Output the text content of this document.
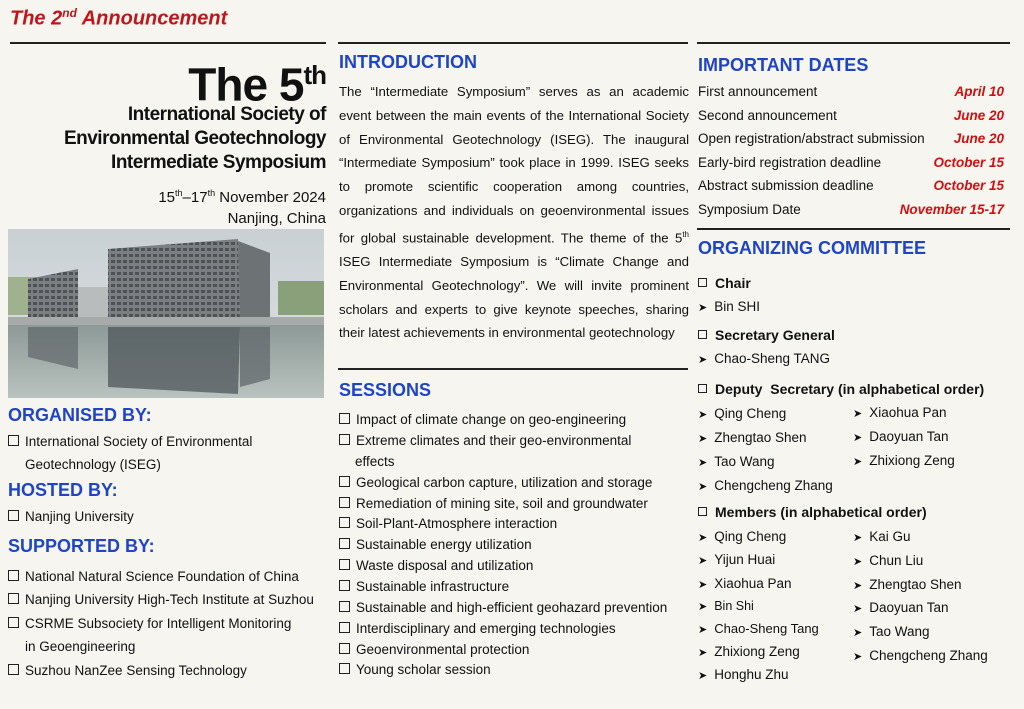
The 2nd Announcement
The 5th
International Society of
Environmental Geotechnology
Intermediate Symposium
15th–17th November 2024
Nanjing, China
ORGANISED BY:
International Society of Environmental
Geotechnology (ISEG)
HOSTED BY:
Nanjing University
SUPPORTED BY:
National Natural Science Foundation of China
Nanjing University High-Tech Institute at Suzhou
CSRME Subsociety for Intelligent Monitoring
in Geoengineering
Suzhou NanZee Sensing Technology
INTRODUCTION
The “Intermediate Symposium” serves as an academic event between the main events of the International Society of Environmental Geotechnology (ISEG). The inaugural “Intermediate Symposium” took place in 1999. ISEG seeks to promote scientific cooperation among countries, organizations and individuals on geoenvironmental issues for global sustainable development. The theme of the 5th ISEG Intermediate Symposium is “Climate Change and Environmental Geotechnology”. We will invite prominent scholars and experts to give keynote speeches, sharing their latest achievements in environmental geotechnology
SESSIONS
Impact of climate change on geo-engineering
Extreme climates and their geo-environmental
effects
Geological carbon capture, utilization and storage
Remediation of mining site, soil and groundwater
Soil-Plant-Atmosphere interaction
Sustainable energy utilization
Waste disposal and utilization
Sustainable infrastructure
Sustainable and high-efficient geohazard prevention
Interdisciplinary and emerging technologies
Geoenvironmental protection
Young scholar session
IMPORTANT DATES
First announcement	April 10
Second announcement	June 20
Open registration/abstract submission June 20
Early-bird registration deadline	October 15
Abstract submission deadline	October 15
Symposium Date	November 15-17
ORGANIZING COMMITTEE
Chair
➤ Bin SHI
Secretary General
➤ Chao-Sheng TANG
Deputy  Secretary (in alphabetical order)
➤ Qing Cheng
➤ Zhengtao Shen
➤ Tao Wang
➤ Chengcheng Zhang
➤ Xiaohua Pan
➤ Daoyuan Tan
➤ Zhixiong Zeng
Members (in alphabetical order)
➤ Qing Cheng
➤ Yijun Huai
➤ Xiaohua Pan
➤ Bin Shi
➤ Chao-Sheng Tang
➤ Zhixiong Zeng
➤ Honghu Zhu
➤ Kai Gu
➤ Chun Liu
➤ Zhengtao Shen
➤ Daoyuan Tan
➤ Tao Wang
➤ Chengcheng Zhang
